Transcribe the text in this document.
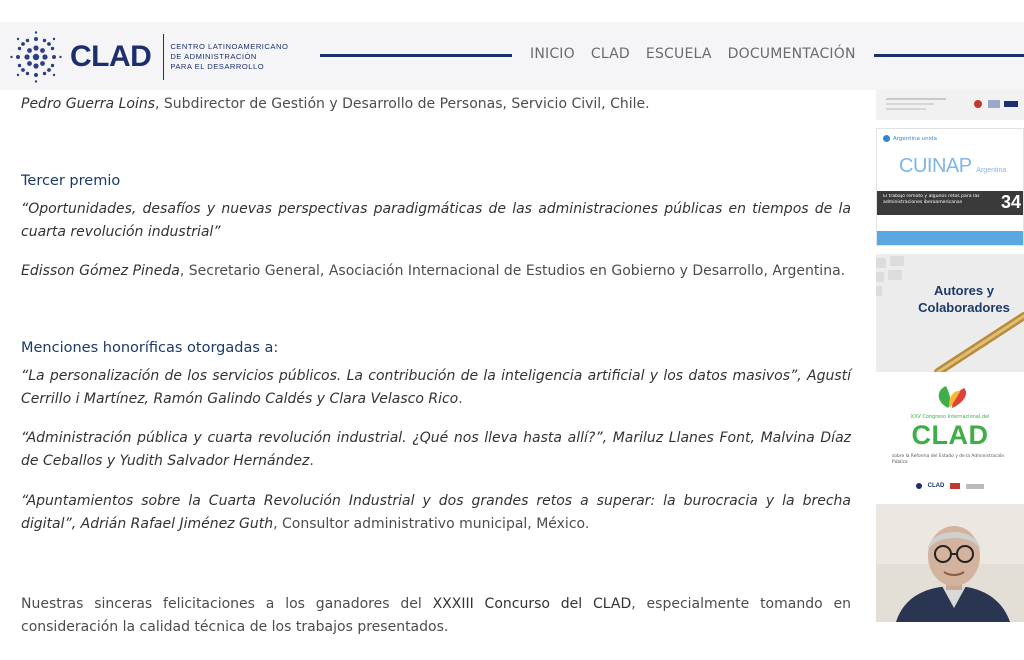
CLAD	CENTRO LATINOAMERICANO
DE ADMINISTRACIÓN
PARA EL DESARROLLO
INICIO CLAD ESCUELA DOCUMENTACIÓN

Pedro Guerra Loins, Subdirector de Gestión y Desarrollo de Personas, Servicio Civil, Chile.

Tercer premio

“Oportunidades, desafíos y nuevas perspectivas paradigmáticas de las administraciones públicas en tiempos de la cuarta revolución industrial”

Edisson Gómez Pineda, Secretario General, Asociación Internacional de Estudios en Gobierno y Desarrollo, Argentina.

Menciones honoríficas otorgadas a:

“La personalización de los servicios públicos. La contribución de la inteligencia artificial y los datos masivos”, Agustí Cerrillo i Martínez, Ramón Galindo Caldés y Clara Velasco Rico.

“Administración pública y cuarta revolución industrial. ¿Qué nos lleva hasta allí?”, Mariluz Llanes Font, Malvina Díaz de Ceballos y Yudith Salvador Hernández.

“Apuntamientos sobre la Cuarta Revolución Industrial y dos grandes retos a superar: la burocracia y la brecha digital”, Adrián Rafael Jiménez Guth, Consultor administrativo municipal, México.

Nuestras sinceras felicitaciones a los ganadores del XXXIII Concurso del CLAD, especialmente tomando en consideración la calidad técnica de los trabajos presentados.

Argentina unida
CUINAP Argentina
El trabajo remoto y algunos retos para las administraciones iberoamericanas	34
Autores y Colaboradores
XXV Congreso Internacional del
CLAD
sobre la Reforma del Estado y de la Administración Pública
CLAD
